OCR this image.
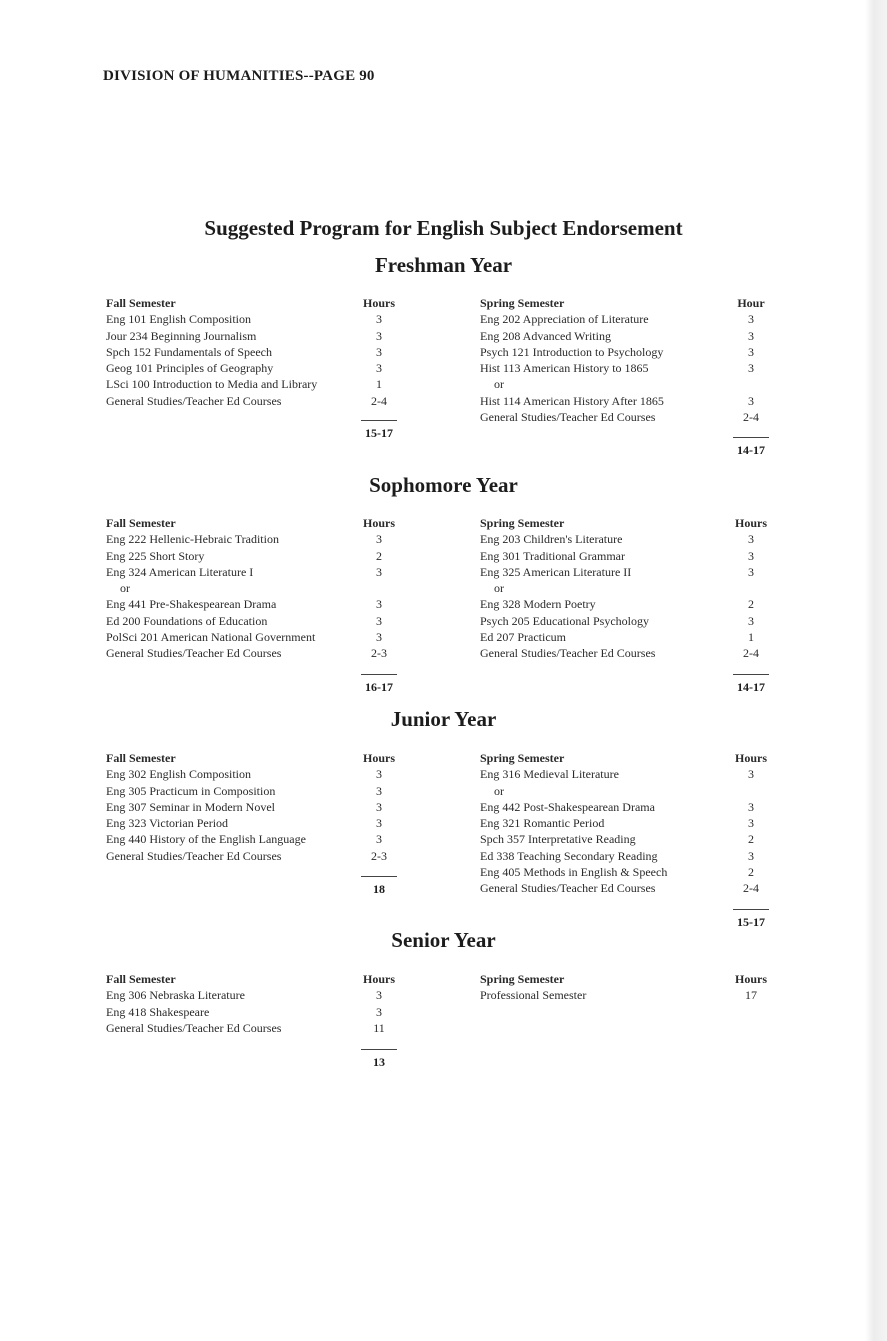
DIVISION OF HUMANITIES--PAGE 90
Suggested Program for English Subject Endorsement
Freshman Year
Fall Semester	Hours
Eng 101 English Composition	3
Jour 234 Beginning Journalism	3
Spch 152 Fundamentals of Speech	3
Geog 101 Principles of Geography	3
LSci 100 Introduction to Media and Library	1
General Studies/Teacher Ed Courses	2-4
15-17
Spring Semester	Hour
Eng 202 Appreciation of Literature	3
Eng 208 Advanced Writing	3
Psych 121 Introduction to Psychology	3
Hist 113 American History to 1865	3
or
Hist 114 American History After 1865	3
General Studies/Teacher Ed Courses	2-4
14-17
Sophomore Year
Fall Semester	Hours
Eng 222 Hellenic-Hebraic Tradition	3
Eng 225 Short Story	2
Eng 324 American Literature I	3
or
Eng 441 Pre-Shakespearean Drama	3
Ed 200 Foundations of Education	3
PolSci 201 American National Government	3
General Studies/Teacher Ed Courses	2-3
16-17
Spring Semester	Hours
Eng 203 Children's Literature	3
Eng 301 Traditional Grammar	3
Eng 325 American Literature II	3
or
Eng 328 Modern Poetry	2
Psych 205 Educational Psychology	3
Ed 207 Practicum	1
General Studies/Teacher Ed Courses	2-4
14-17
Junior Year
Fall Semester	Hours
Eng 302 English Composition	3
Eng 305 Practicum in Composition	3
Eng 307 Seminar in Modern Novel	3
Eng 323 Victorian Period	3
Eng 440 History of the English Language	3
General Studies/Teacher Ed Courses	2-3
18
Spring Semester	Hours
Eng 316 Medieval Literature	3
or
Eng 442 Post-Shakespearean Drama	3
Eng 321 Romantic Period	3
Spch 357 Interpretative Reading	2
Ed 338 Teaching Secondary Reading	3
Eng 405 Methods in English & Speech	2
General Studies/Teacher Ed Courses	2-4
15-17
Senior Year
Fall Semester	Hours
Eng 306 Nebraska Literature	3
Eng 418 Shakespeare	3
General Studies/Teacher Ed Courses	11
13
Spring Semester	Hours
Professional Semester	17
